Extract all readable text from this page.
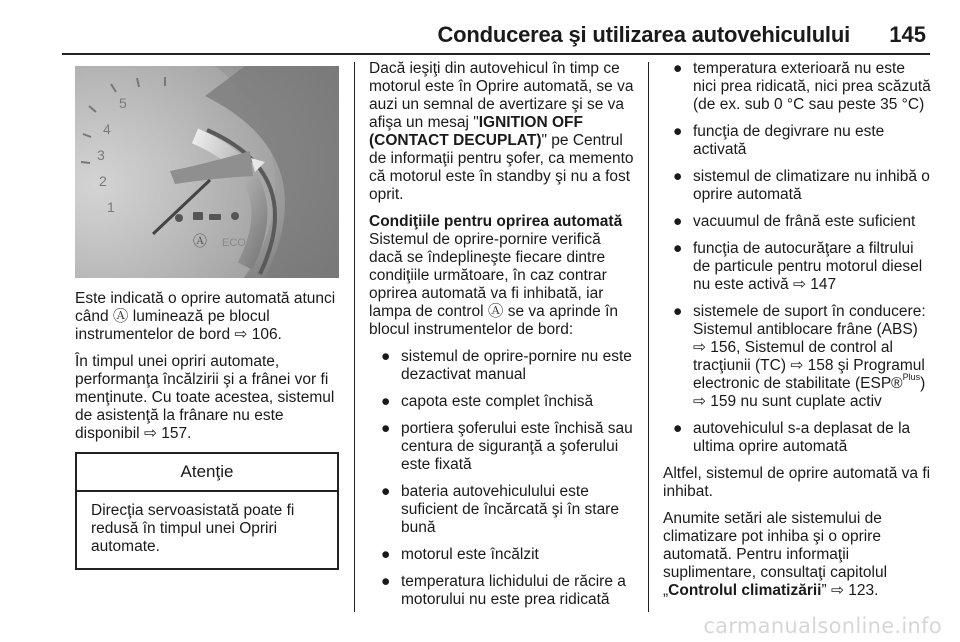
Conducerea şi utilizarea autovehiculului 145
5
4
3
2
1
Ⓐ ECO

Este indicată o oprire automată atunci când Ⓐ luminează pe blocul instrumentelor de bord ⇨ 106.

În timpul unei opriri automate, performanţa încălzirii şi a frânei vor fi menţinute. Cu toate acestea, sistemul de asistenţă la frânare nu este disponibil ⇨ 157.

Atenţie
Direcţia servoasistată poate fi redusă în timpul unei Opriri automate.

Dacă ieşiţi din autovehicul în timp ce motorul este în Oprire automată, se va auzi un semnal de avertizare şi se va afişa un mesaj "IGNITION OFF (CONTACT DECUPLAT)" pe Centrul de informaţii pentru şofer, ca memento că motorul este în standby şi nu a fost oprit.

Condiţiile pentru oprirea automată

Sistemul de oprire-pornire verifică dacă se îndeplineşte fiecare dintre condiţiile următoare, în caz contrar oprirea automată va fi inhibată, iar lampa de control Ⓐ se va aprinde în blocul instrumentelor de bord:

● sistemul de oprire-pornire nu este dezactivat manual
● capota este complet închisă
● portiera şoferului este închisă sau centura de siguranţă a şoferului este fixată
● bateria autovehiculului este suficient de încărcată şi în stare bună
● motorul este încălzit
● temperatura lichidului de răcire a motorului nu este prea ridicată
● temperatura exterioară nu este nici prea ridicată, nici prea scăzută (de ex. sub 0 °C sau peste 35 °C)
● funcţia de degivrare nu este activată
● sistemul de climatizare nu inhibă o oprire automată
● vacuumul de frână este suficient
● funcţia de autocurăţare a filtrului de particule pentru motorul diesel nu este activă ⇨ 147
● sistemele de suport în conducere: Sistemul antiblocare frâne (ABS) ⇨ 156, Sistemul de control al tracţiunii (TC) ⇨ 158 şi Programul electronic de stabilitate (ESP®$^{Plus}$) ⇨ 159 nu sunt cuplate activ
● autovehiculul s-a deplasat de la ultima oprire automată

Altfel, sistemul de oprire automată va fi inhibat.

Anumite setări ale sistemului de climatizare pot inhiba şi o oprire automată. Pentru informaţii suplimentare, consultaţi capitolul „Controlul climatizării” ⇨ 123.

carmanualsonline.info
